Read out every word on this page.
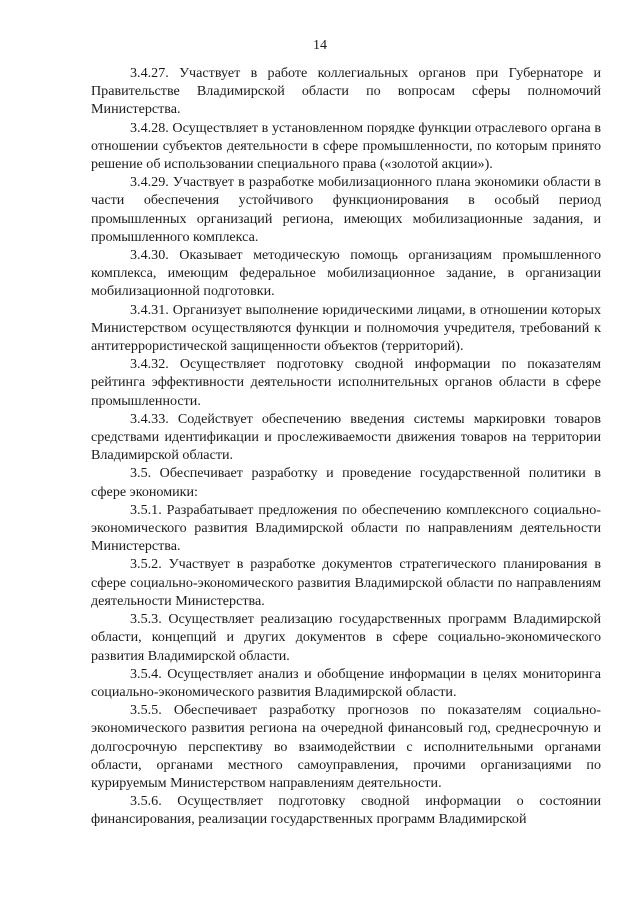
14

3.4.27. Участвует в работе коллегиальных органов при Губернаторе и Правительстве Владимирской области по вопросам сферы полномочий Министерства.

3.4.28. Осуществляет в установленном порядке функции отраслевого органа в отношении субъектов деятельности в сфере промышленности, по которым принято решение об использовании специального права («золотой акции»).

3.4.29. Участвует в разработке мобилизационного плана экономики области в части обеспечения устойчивого функционирования в особый период промышленных организаций региона, имеющих мобилизационные задания, и промышленного комплекса.

3.4.30. Оказывает методическую помощь организациям промышленного комплекса, имеющим федеральное мобилизационное задание, в организации мобилизационной подготовки.

3.4.31. Организует выполнение юридическими лицами, в отношении которых Министерством осуществляются функции и полномочия учредителя, требований к антитеррористической защищенности объектов (территорий).

3.4.32. Осуществляет подготовку сводной информации по показателям рейтинга эффективности деятельности исполнительных органов области в сфере промышленности.

3.4.33. Содействует обеспечению введения системы маркировки товаров средствами идентификации и прослеживаемости движения товаров на территории Владимирской области.

3.5. Обеспечивает разработку и проведение государственной политики в сфере экономики:

3.5.1. Разрабатывает предложения по обеспечению комплексного социально-экономического развития Владимирской области по направлениям деятельности Министерства.

3.5.2. Участвует в разработке документов стратегического планирования в сфере социально-экономического развития Владимирской области по направлениям деятельности Министерства.

3.5.3. Осуществляет реализацию государственных программ Владимирской области, концепций и других документов в сфере социально-экономического развития Владимирской области.

3.5.4. Осуществляет анализ и обобщение информации в целях мониторинга социально-экономического развития Владимирской области.

3.5.5. Обеспечивает разработку прогнозов по показателям социально-экономического развития региона на очередной финансовый год, среднесрочную и долгосрочную перспективу во взаимодействии с исполнительными органами области, органами местного самоуправления, прочими организациями по курируемым Министерством направлениям деятельности.

3.5.6. Осуществляет подготовку сводной информации о состоянии финансирования, реализации государственных программ Владимирской
